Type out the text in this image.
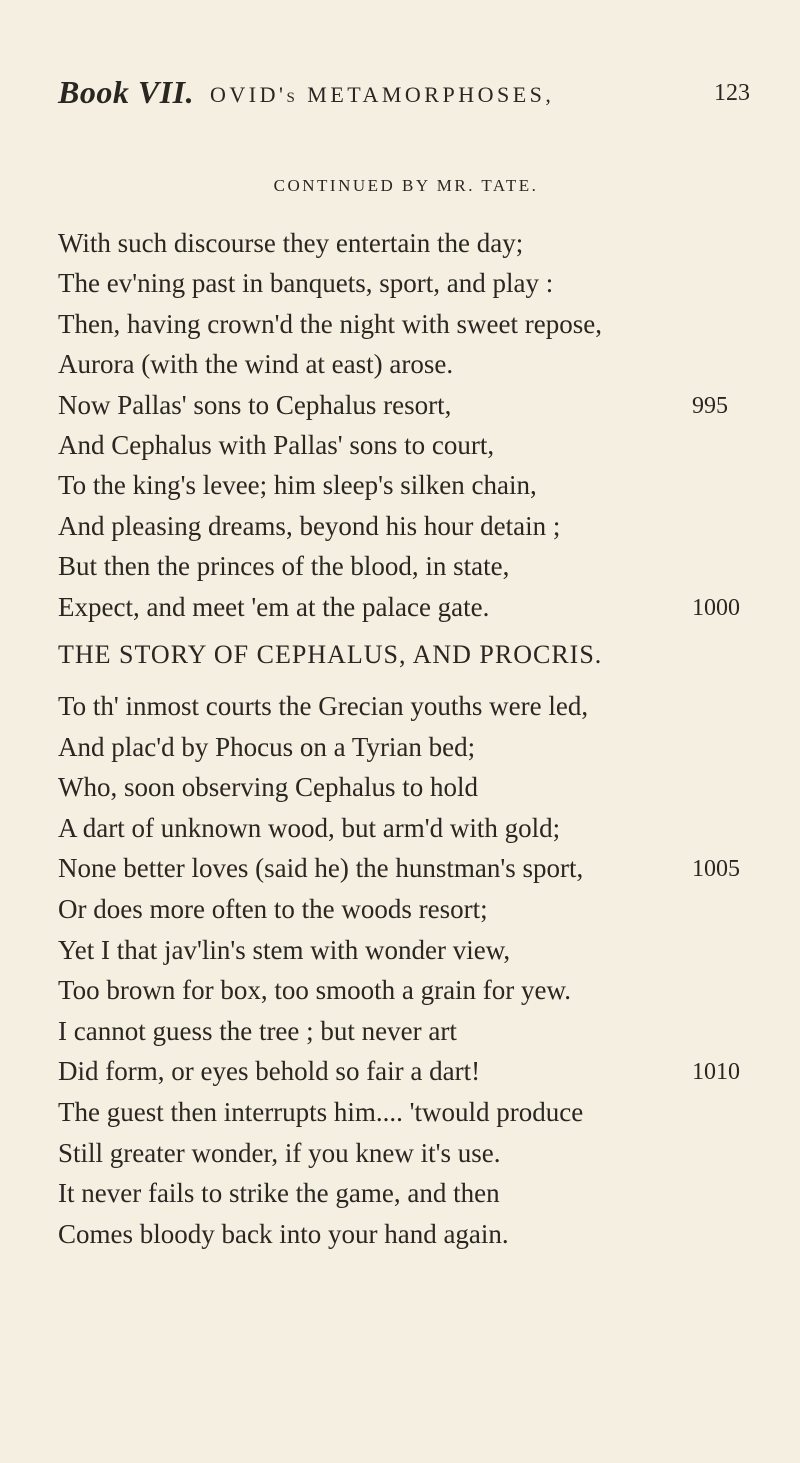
Book VII. OVID's METAMORPHOSES,	123
CONTINUED BY MR. TATE.
With such discourse they entertain the day;
The ev'ning past in banquets, sport, and play :
Then, having crown'd the night with sweet repose,
Aurora (with the wind at east) arose.
Now Pallas' sons to Cephalus resort,	995
And Cephalus with Pallas' sons to court,
To the king's levee; him sleep's silken chain,
And pleasing dreams, beyond his hour detain ;
But then the princes of the blood, in state,
Expect, and meet 'em at the palace gate.	1000
THE STORY OF CEPHALUS, AND PROCRIS.
To th' inmost courts the Grecian youths were led,
And plac'd by Phocus on a Tyrian bed;
Who, soon observing Cephalus to hold
A dart of unknown wood, but arm'd with gold;
None better loves (said he) the hunstman's sport,	1005
Or does more often to the woods resort;
Yet I that jav'lin's stem with wonder view,
Too brown for box, too smooth a grain for yew.
I cannot guess the tree ; but never art
Did form, or eyes behold so fair a dart!	1010
The guest then interrupts him.... 'twould produce
Still greater wonder, if you knew it's use.
It never fails to strike the game, and then
Comes bloody back into your hand again.
